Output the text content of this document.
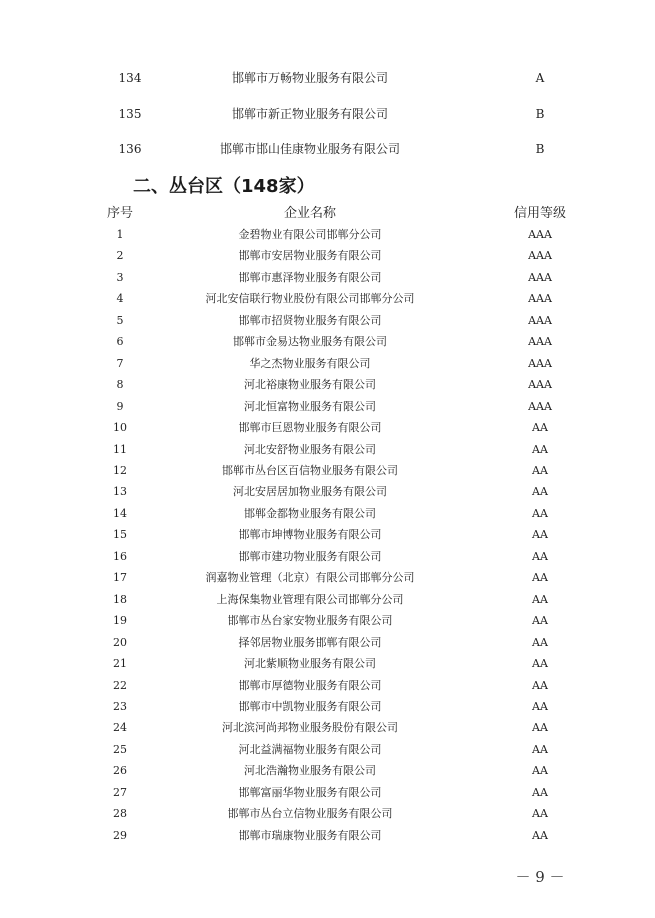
134	邯郸市万畅物业服务有限公司	A
135	邯郸市新正物业服务有限公司	B
136	邯郸市邯山佳康物业服务有限公司	B
二、丛台区（148家）
序号	企业名称	信用等级
1	金碧物业有限公司邯郸分公司	AAA
2	邯郸市安居物业服务有限公司	AAA
3	邯郸市惠泽物业服务有限公司	AAA
4	河北安信联行物业股份有限公司邯郸分公司	AAA
5	邯郸市招贤物业服务有限公司	AAA
6	邯郸市金易达物业服务有限公司	AAA
7	华之杰物业服务有限公司	AAA
8	河北裕康物业服务有限公司	AAA
9	河北恒富物业服务有限公司	AAA
10	邯郸市巨恩物业服务有限公司	AA
11	河北安舒物业服务有限公司	AA
12	邯郸市丛台区百信物业服务有限公司	AA
13	河北安居居加物业服务有限公司	AA
14	邯郸金都物业服务有限公司	AA
15	邯郸市坤博物业服务有限公司	AA
16	邯郸市建功物业服务有限公司	AA
17	润嘉物业管理（北京）有限公司邯郸分公司	AA
18	上海保集物业管理有限公司邯郸分公司	AA
19	邯郸市丛台家安物业服务有限公司	AA
20	择邻居物业服务邯郸有限公司	AA
21	河北紫顺物业服务有限公司	AA
22	邯郸市厚德物业服务有限公司	AA
23	邯郸市中凯物业服务有限公司	AA
24	河北滨河尚邦物业服务股份有限公司	AA
25	河北益满福物业服务有限公司	AA
26	河北浩瀚物业服务有限公司	AA
27	邯郸富丽华物业服务有限公司	AA
28	邯郸市丛台立信物业服务有限公司	AA
29	邯郸市瑞康物业服务有限公司	AA
－ 9 －
